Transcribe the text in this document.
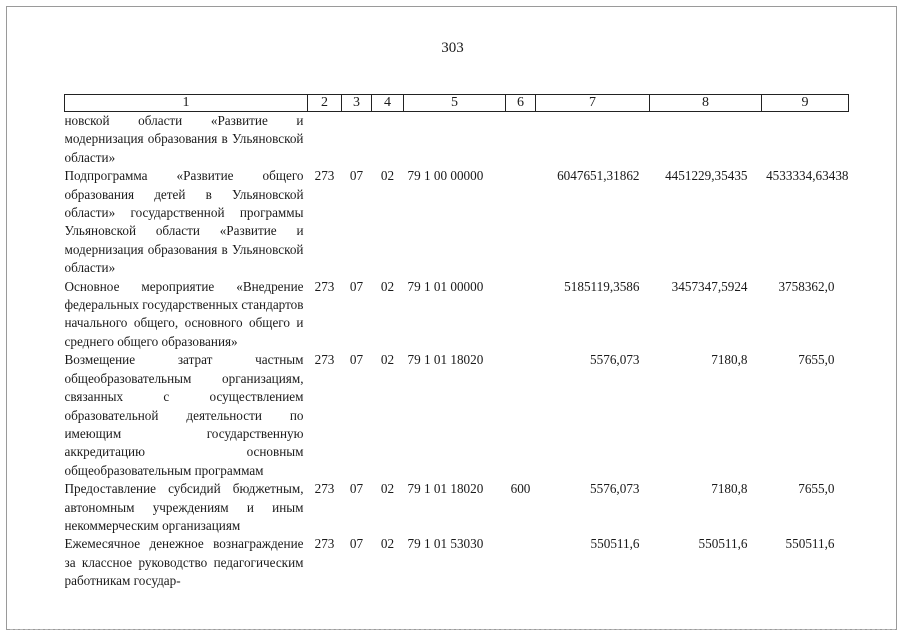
303
1	2	3	4	5	6	7	8	9
новской области «Развитие и модернизация образования в Ульяновской области»								
Подпрограмма «Развитие общего образования детей в Ульяновской области» государственной программы Ульяновской области «Развитие и модернизация образования в Ульяновской области»	273	07	02	79 1 00 00000		6047651,31862	4451229,35435	4533334,63438
Основное мероприятие «Внедрение федеральных государственных стандартов начального общего, основного общего и среднего общего образования»	273	07	02	79 1 01 00000		5185119,3586	3457347,5924	3758362,0
Возмещение затрат частным общеобразовательным организациям, связанных с осуществлением образовательной деятельности по имеющим государственную аккредитацию основным общеобразовательным программам	273	07	02	79 1 01 18020		5576,073	7180,8	7655,0
Предоставление субсидий бюджетным, автономным учреждениям и иным некоммерческим организациям	273	07	02	79 1 01 18020	600	5576,073	7180,8	7655,0
Ежемесячное денежное вознаграждение за классное руководство педагогическим работникам государ-	273	07	02	79 1 01 53030		550511,6	550511,6	550511,6
